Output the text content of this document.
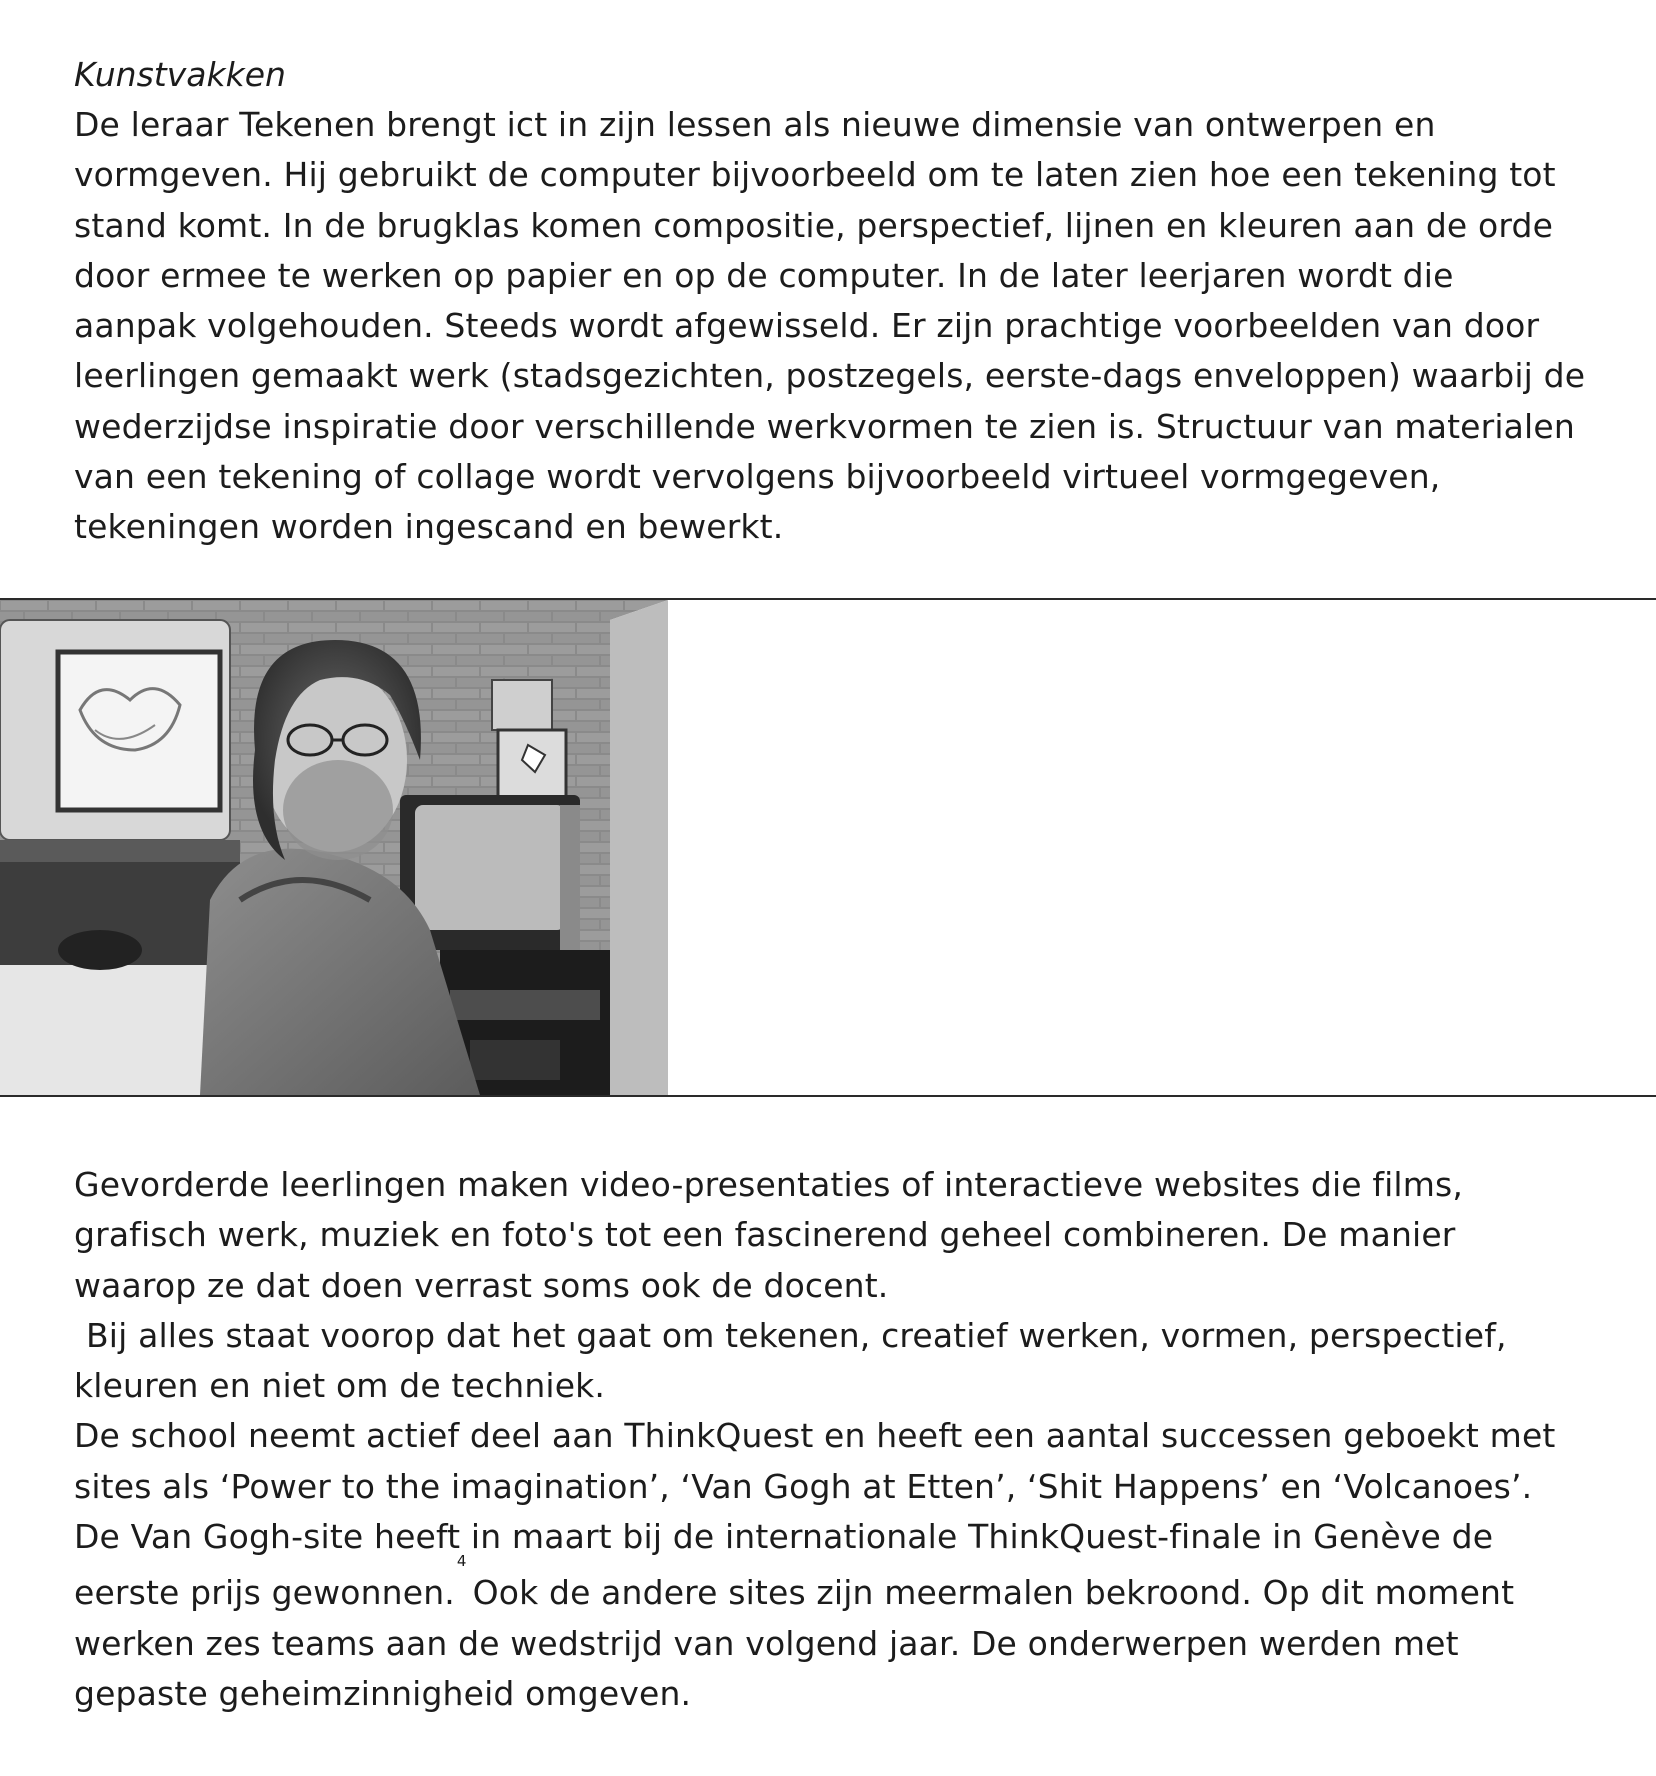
Kunstvakken
De leraar Tekenen brengt ict in zijn lessen als nieuwe dimensie van ontwerpen en
vormgeven. Hij gebruikt de computer bijvoorbeeld om te laten zien hoe een tekening tot
stand komt. In de brugklas komen compositie, perspectief, lijnen en kleuren aan de orde
door ermee te werken op papier en op de computer. In de later leerjaren wordt die
aanpak volgehouden. Steeds wordt afgewisseld. Er zijn prachtige voorbeelden van door
leerlingen gemaakt werk (stadsgezichten, postzegels, eerste-dags enveloppen) waarbij de
wederzijdse inspiratie door verschillende werkvormen te zien is. Structuur van materialen
van een tekening of collage wordt vervolgens bijvoorbeeld virtueel vormgegeven,
tekeningen worden ingescand en bewerkt.
Gevorderde leerlingen maken video-presentaties of interactieve websites die films,
grafisch werk, muziek en foto's tot een fascinerend geheel combineren. De manier
waarop ze dat doen verrast soms ook de docent.
Bij alles staat voorop dat het gaat om tekenen, creatief werken, vormen, perspectief,
kleuren en niet om de techniek.
De school neemt actief deel aan ThinkQuest en heeft een aantal successen geboekt met
sites als ‘Power to the imagination’, ‘Van Gogh at Etten’, ‘Shit Happens’ en ‘Volcanoes’.
De Van Gogh-site heeft in maart bij de internationale ThinkQuest-finale in Genève de
eerste prijs gewonnen.$^4$Ook de andere sites zijn meermalen bekroond. Op dit moment
werken zes teams aan de wedstrijd van volgend jaar. De onderwerpen werden met
gepaste geheimzinnigheid omgeven.
